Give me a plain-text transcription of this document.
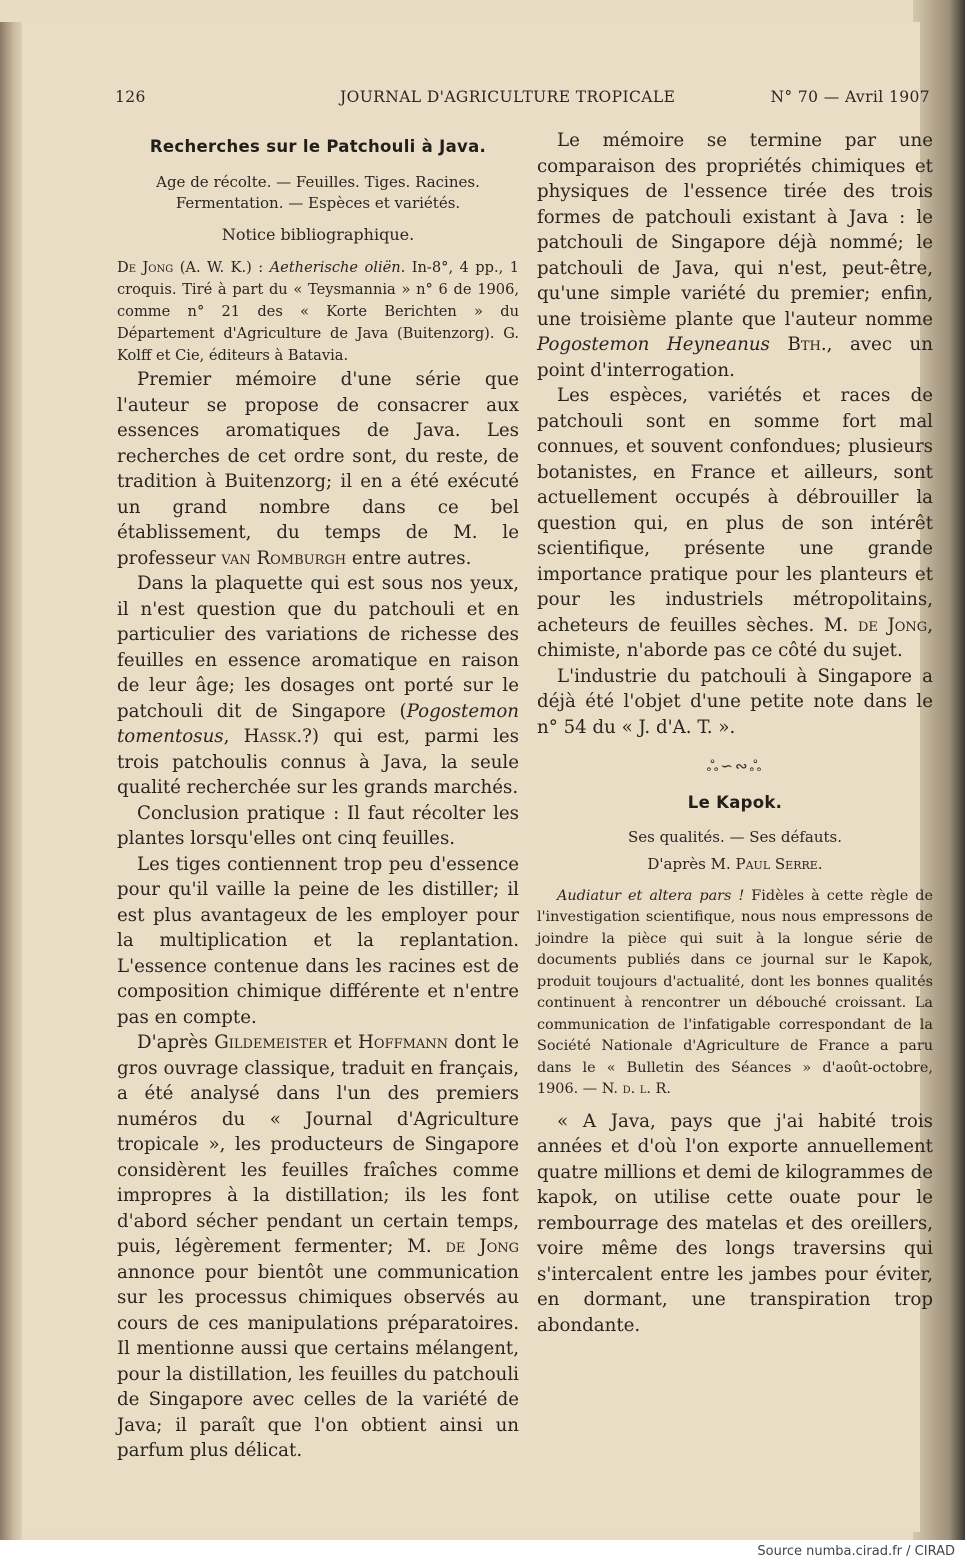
126	JOURNAL D'AGRICULTURE TROPICALE	N° 70 — Avril 1907
Recherches sur le Patchouli à Java.
Age de récolte. — Feuilles. Tiges. Racines.
Fermentation. — Espèces et variétés.
Notice bibliographique.

De Jong (A. W. K.) : Aetherische oliën. In-8°, 4 pp., 1 croquis. Tiré à part du « Teysmannia » n° 6 de 1906, comme n° 21 des « Korte Berichten » du Département d'Agriculture de Java (Buitenzorg). G. Kolff et Cie, éditeurs à Batavia.

Premier mémoire d'une série que l'auteur se propose de consacrer aux essences aromatiques de Java. Les recherches de cet ordre sont, du reste, de tradition à Buitenzorg; il en a été exécuté un grand nombre dans ce bel établissement, du temps de M. le professeur van Romburgh entre autres.

Dans la plaquette qui est sous nos yeux, il n'est question que du patchouli et en particulier des variations de richesse des feuilles en essence aromatique en raison de leur âge; les dosages ont porté sur le patchouli dit de Singapore (Pogostemon tomentosus, Hassk.?) qui est, parmi les trois patchoulis connus à Java, la seule qualité recherchée sur les grands marchés.

Conclusion pratique : Il faut récolter les plantes lorsqu'elles ont cinq feuilles.

Les tiges contiennent trop peu d'essence pour qu'il vaille la peine de les distiller; il est plus avantageux de les employer pour la multiplication et la replantation. L'essence contenue dans les racines est de composition chimique différente et n'entre pas en compte.

D'après Gildemeister et Hoffmann dont le gros ouvrage classique, traduit en français, a été analysé dans l'un des premiers numéros du « Journal d'Agriculture tropicale », les producteurs de Singapore considèrent les feuilles fraîches comme impropres à la distillation; ils les font d'abord sécher pendant un certain temps, puis, légèrement fermenter; M. de Jong annonce pour bientôt une communication sur les processus chimiques observés au cours de ces manipulations préparatoires. Il mentionne aussi que certains mélangent, pour la distillation, les feuilles du patchouli de Singapore avec celles de la variété de Java; il paraît que l'on obtient ainsi un parfum plus délicat.

Le mémoire se termine par une comparaison des propriétés chimiques et physiques de l'essence tirée des trois formes de patchouli existant à Java : le patchouli de Singapore déjà nommé; le patchouli de Java, qui n'est, peut-être, qu'une simple variété du premier; enfin, une troisième plante que l'auteur nomme Pogostemon Heyneanus Bth., avec un point d'interrogation.

Les espèces, variétés et races de patchouli sont en somme fort mal connues, et souvent confondues; plusieurs botanistes, en France et ailleurs, sont actuellement occupés à débrouiller la question qui, en plus de son intérêt scientifique, présente une grande importance pratique pour les planteurs et pour les industriels métropolitains, acheteurs de feuilles sèches. M. de Jong, chimiste, n'aborde pas ce côté du sujet.

L'industrie du patchouli à Singapore a déjà été l'objet d'une petite note dans le n° 54 du « J. d'A. T. ».

ஃ∽∾ஃ
Le Kapok.
Ses qualités. — Ses défauts.
D'après M. Paul Serre.

Audiatur et altera pars ! Fidèles à cette règle de l'investigation scientifique, nous nous empressons de joindre la pièce qui suit à la longue série de documents publiés dans ce journal sur le Kapok, produit toujours d'actualité, dont les bonnes qualités continuent à rencontrer un débouché croissant. La communication de l'infatigable correspondant de la Société Nationale d'Agriculture de France a paru dans le « Bulletin des Séances » d'août-octobre, 1906. — N. d. l. R.

« A Java, pays que j'ai habité trois années et d'où l'on exporte annuellement quatre millions et demi de kilogrammes de kapok, on utilise cette ouate pour le rembourrage des matelas et des oreillers, voire même des longs traversins qui s'intercalent entre les jambes pour éviter, en dormant, une transpiration trop abondante.

Source numba.cirad.fr / CIRAD
